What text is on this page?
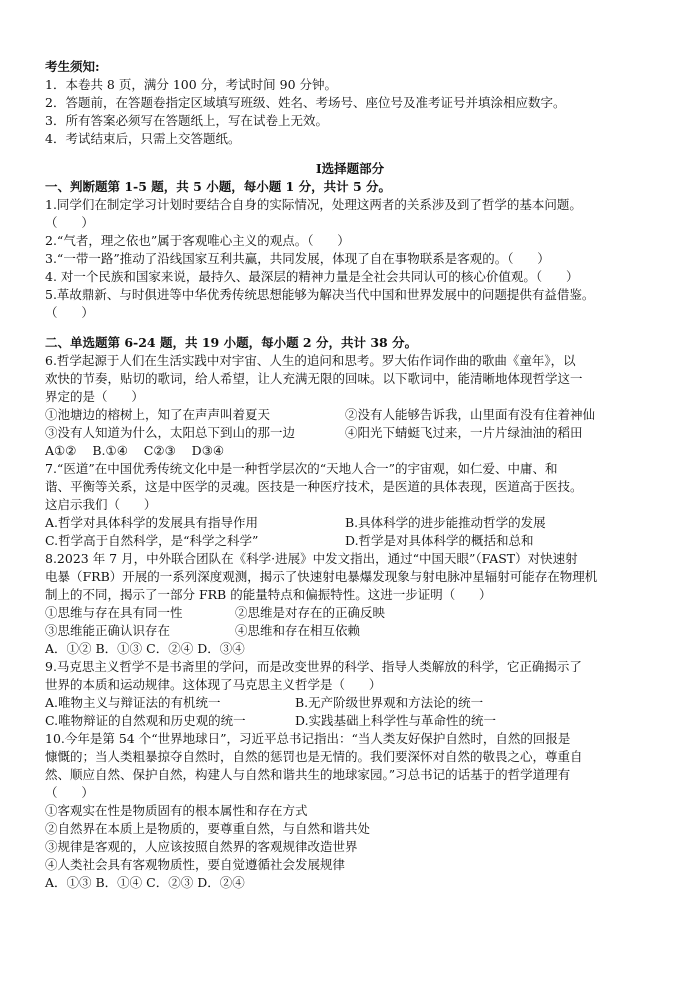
考生须知:
1．本卷共 8 页，满分 100 分，考试时间 90 分钟。
2．答题前，在答题卷指定区域填写班级、姓名、考场号、座位号及准考证号并填涂相应数字。
3．所有答案必须写在答题纸上，写在试卷上无效。
4．考试结束后，只需上交答题纸。
Ⅰ选择题部分
一、判断题第 1-5 题，共 5 小题，每小题 1 分，共计 5 分。
1.同学们在制定学习计划时要结合自身的实际情况，处理这两者的关系涉及到了哲学的基本问题。
（      ）
2.“气者，理之依也”属于客观唯心主义的观点。（      ）
3.“一带一路”推动了沿线国家互利共赢，共同发展，体现了自在事物联系是客观的。（      ）
4. 对一个民族和国家来说，最持久、最深层的精神力量是全社会共同认可的核心价值观。（      ）
5.革故鼎新、与时俱进等中华优秀传统思想能够为解决当代中国和世界发展中的问题提供有益借鉴。
（      ）
二、单选题第 6-24 题，共 19 小题，每小题 2 分，共计 38 分。
6.哲学起源于人们在生活实践中对宇宙、人生的追问和思考。罗大佑作词作曲的歌曲《童年》，以
欢快的节奏，贴切的歌词，给人希望，让人充满无限的回味。以下歌词中，能清晰地体现哲学这一
界定的是（      ）
①池塘边的榕树上，知了在声声叫着夏天	②没有人能够告诉我，山里面有没有住着神仙
③没有人知道为什么，太阳总下到山的那一边	④阳光下蜻蜓飞过来，一片片绿油油的稻田
A①②    B.①④    C②③    D③④
7.“医道”在中国优秀传统文化中是一种哲学层次的“天地人合一”的宇宙观，如仁爱、中庸、和
谐、平衡等关系，这是中医学的灵魂。医技是一种医疗技术，是医道的具体表现，医道高于医技。
这启示我们（      ）
A.哲学对具体科学的发展具有指导作用	B.具体科学的进步能推动哲学的发展
C.哲学高于自然科学，是“科学之科学”	D.哲学是对具体科学的概括和总和
8.2023 年 7 月，中外联合团队在《科学·进展》中发文指出，通过“中国天眼”（FAST）对快速射
电暴（FRB）开展的一系列深度观测，揭示了快速射电暴爆发现象与射电脉冲星辐射可能存在物理机
制上的不同，揭示了一部分 FRB 的能量特点和偏振特性。这进一步证明（      ）
①思维与存在具有同一性	②思维是对存在的正确反映
③思维能正确认识存在	④思维和存在相互依赖
A．①② B．①③ C．②④ D．③④
9.马克思主义哲学不是书斋里的学问，而是改变世界的科学、指导人类解放的科学，它正确揭示了
世界的本质和运动规律。这体现了马克思主义哲学是（      ）
A.唯物主义与辩证法的有机统一	B.无产阶级世界观和方法论的统一
C.唯物辩证的自然观和历史观的统一	D.实践基础上科学性与革命性的统一
10.今年是第 54 个“世界地球日”，习近平总书记指出：“当人类友好保护自然时，自然的回报是
慷慨的；当人类粗暴掠夺自然时，自然的惩罚也是无情的。我们要深怀对自然的敬畏之心，尊重自
然、顺应自然、保护自然，构建人与自然和谐共生的地球家园。”习总书记的话基于的哲学道理有
（      ）
①客观实在性是物质固有的根本属性和存在方式
②自然界在本质上是物质的，要尊重自然，与自然和谐共处
③规律是客观的，人应该按照自然界的客观规律改造世界
④人类社会具有客观物质性，要自觉遵循社会发展规律
A．①③ B．①④ C．②③ D．②④
